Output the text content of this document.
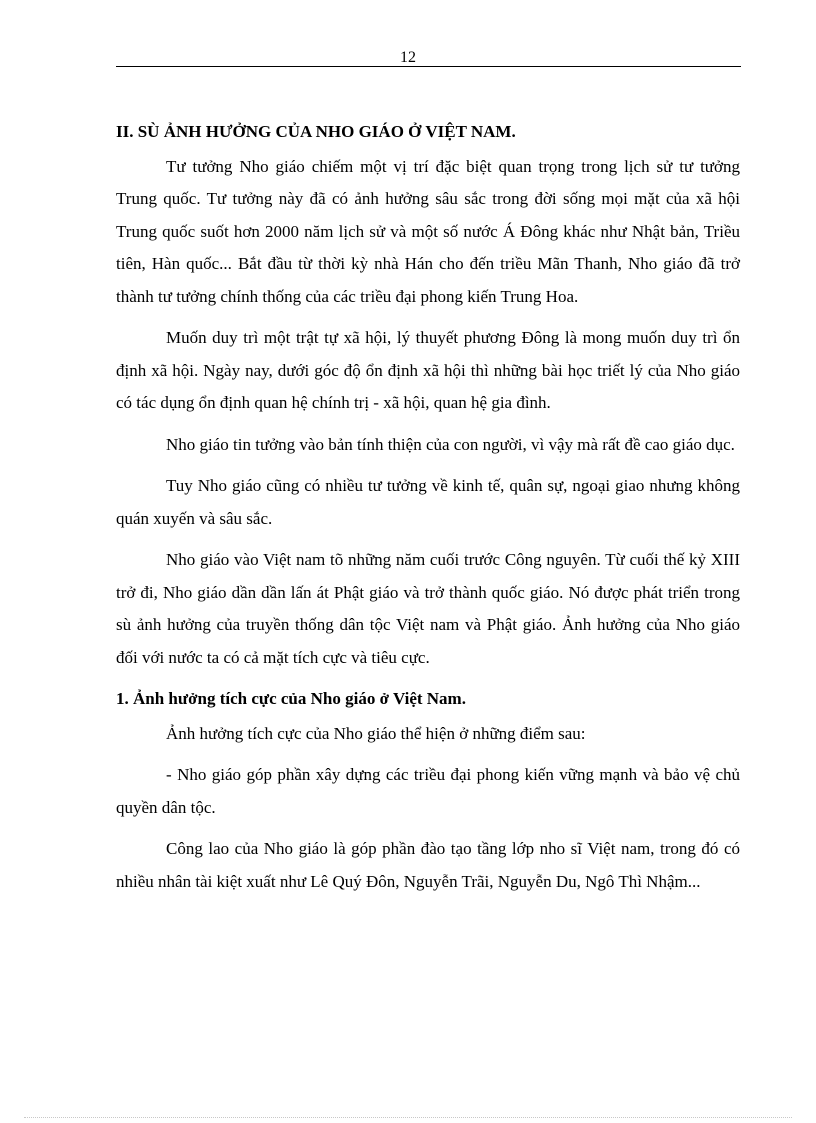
12

II. SÙ ẢNH HƯỞNG CỦA NHO GIÁO Ở VIỆT NAM.

Tư tưởng Nho giáo chiếm một vị trí đặc biệt quan trọng trong lịch sử tư tưởng Trung quốc. Tư tưởng này đã có ảnh hưởng sâu sắc trong đời sống mọi mặt của xã hội Trung quốc suốt hơn 2000 năm lịch sử và một số nước Á Đông khác như Nhật bản, Triều tiên, Hàn quốc... Bắt đầu từ thời kỳ nhà Hán cho đến triều Mãn Thanh, Nho giáo đã trở thành tư tưởng chính thống của các triều đại phong kiến Trung Hoa.

Muốn duy trì một trật tự xã hội, lý thuyết phương Đông là mong muốn duy trì ổn định xã hội. Ngày nay, dưới góc độ ổn định xã hội thì những bài học triết lý của Nho giáo có tác dụng ổn định quan hệ chính trị - xã hội, quan hệ gia đình.

Nho giáo tin tưởng vào bản tính thiện của con người, vì vậy mà rất đề cao giáo dục.

Tuy Nho giáo cũng có nhiều tư tưởng về kinh tế, quân sự, ngoại giao nhưng không quán xuyến và sâu sắc.

Nho giáo vào Việt nam tõ những năm cuối trước Công nguyên. Từ cuối thế kỷ XIII trở đi, Nho giáo dần dần lấn át Phật giáo và trở thành quốc giáo. Nó được phát triển trong sù ảnh hưởng của truyền thống dân tộc Việt nam và Phật giáo. Ảnh hưởng của Nho giáo đối với nước ta có cả mặt tích cực và tiêu cực.

1. Ảnh hưởng tích cực của Nho giáo ở Việt Nam.

Ảnh hưởng tích cực của Nho giáo thể hiện ở những điểm sau:

- Nho giáo góp phần xây dựng các triều đại phong kiến vững mạnh và bảo vệ chủ quyền dân tộc.

Công lao của Nho giáo là góp phần đào tạo tầng lớp nho sĩ Việt nam, trong đó có nhiều nhân tài kiệt xuất như Lê Quý Đôn, Nguyễn Trãi, Nguyễn Du, Ngô Thì Nhậm...
